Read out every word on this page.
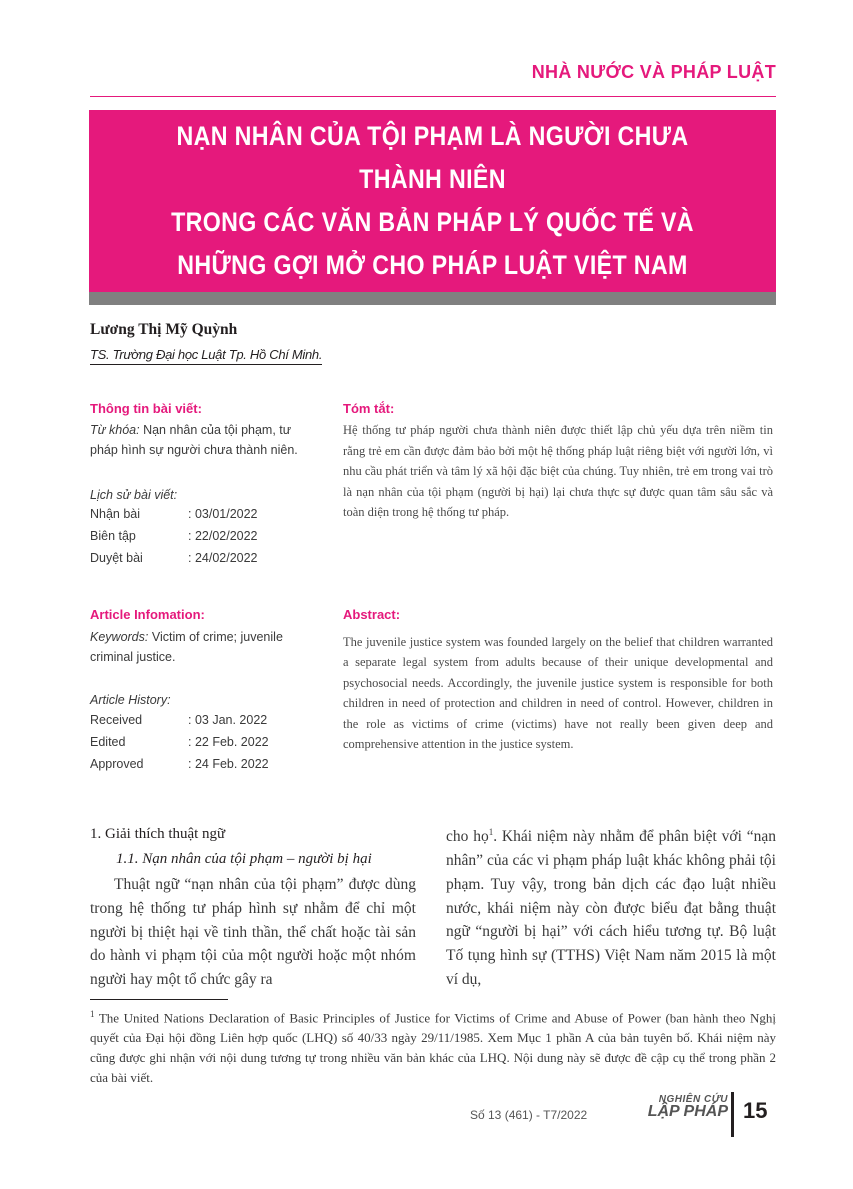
NHÀ NƯỚC VÀ PHÁP LUẬT
NẠN NHÂN CỦA TỘI PHẠM LÀ NGƯỜI CHƯA THÀNH NIÊN
TRONG CÁC VĂN BẢN PHÁP LÝ QUỐC TẾ VÀ
NHỮNG GỢI MỞ CHO PHÁP LUẬT VIỆT NAM
Lương Thị Mỹ Quỳnh
TS. Trường Đại học Luật Tp. Hồ Chí Minh.
Thông tin bài viết:
Từ khóa: Nạn nhân của tội phạm, tư pháp hình sự người chưa thành niên.
Lịch sử bài viết:
Nhận bài	: 03/01/2022
Biên tập	: 22/02/2022
Duyệt bài	: 24/02/2022
Tóm tắt:
Hệ thống tư pháp người chưa thành niên được thiết lập chủ yếu dựa trên niềm tin rằng trẻ em cần được đảm bảo bởi một hệ thống pháp luật riêng biệt với người lớn, vì nhu cầu phát triển và tâm lý xã hội đặc biệt của chúng. Tuy nhiên, trẻ em trong vai trò là nạn nhân của tội phạm (người bị hại) lại chưa thực sự được quan tâm sâu sắc và toàn diện trong hệ thống tư pháp.
Article Infomation:
Keywords: Victim of crime; juvenile criminal justice.
Article History:
Received	: 03 Jan. 2022
Edited	: 22 Feb. 2022
Approved	: 24 Feb. 2022
Abstract:
The juvenile justice system was founded largely on the belief that children warranted a separate legal system from adults because of their unique developmental and psychosocial needs. Accordingly, the juvenile justice system is responsible for both children in need of protection and children in need of control. However, children in the role as victims of crime (victims) have not really been given deep and comprehensive attention in the justice system.
1. Giải thích thuật ngữ
1.1. Nạn nhân của tội phạm – người bị hại
Thuật ngữ “nạn nhân của tội phạm” được dùng trong hệ thống tư pháp hình sự nhằm để chỉ một người bị thiệt hại về tinh thần, thể chất hoặc tài sản do hành vi phạm tội của một người hoặc một nhóm người hay một tổ chức gây ra
cho họ$^1$. Khái niệm này nhằm để phân biệt với “nạn nhân” của các vi phạm pháp luật khác không phải tội phạm. Tuy vậy, trong bản dịch các đạo luật nhiều nước, khái niệm này còn được biểu đạt bằng thuật ngữ “người bị hại” với cách hiểu tương tự. Bộ luật Tố tụng hình sự (TTHS) Việt Nam năm 2015 là một ví dụ,
$^1$ The United Nations Declaration of Basic Principles of Justice for Victims of Crime and Abuse of Power (ban hành theo Nghị quyết của Đại hội đồng Liên hợp quốc (LHQ) số 40/33 ngày 29/11/1985. Xem Mục 1 phần A của bản tuyên bố. Khái niệm này cũng được ghi nhận với nội dung tương tự trong nhiều văn bản khác của LHQ. Nội dung này sẽ được đề cập cụ thể trong phần 2 của bài viết.
Số 13 (461) - T7/2022
NGHIÊN CỨU
LẬP PHÁP 15
